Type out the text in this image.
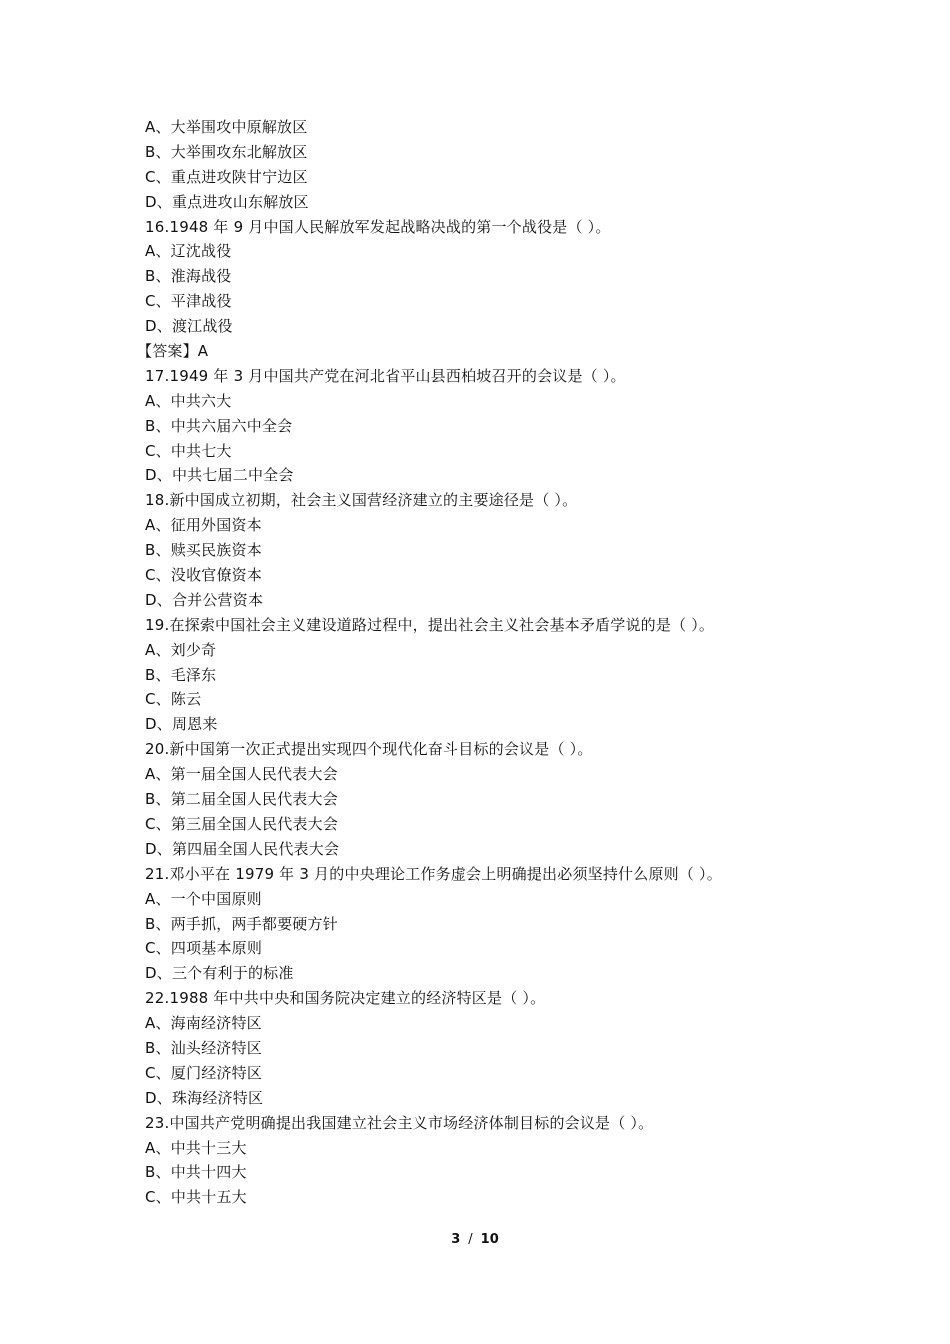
A、大举围攻中原解放区
B、大举围攻东北解放区
C、重点进攻陕甘宁边区
D、重点进攻山东解放区
16.1948 年 9 月中国人民解放军发起战略决战的第一个战役是（ ）。
A、辽沈战役
B、淮海战役
C、平津战役
D、渡江战役
【答案】A
17.1949 年 3 月中国共产党在河北省平山县西柏坡召开的会议是（ ）。
A、中共六大
B、中共六届六中全会
C、中共七大
D、中共七届二中全会
18.新中国成立初期，社会主义国营经济建立的主要途径是（ ）。
A、征用外国资本
B、赎买民族资本
C、没收官僚资本
D、合并公营资本
19.在探索中国社会主义建设道路过程中，提出社会主义社会基本矛盾学说的是（ ）。
A、刘少奇
B、毛泽东
C、陈云
D、周恩来
20.新中国第一次正式提出实现四个现代化奋斗目标的会议是（ ）。
A、第一届全国人民代表大会
B、第二届全国人民代表大会
C、第三届全国人民代表大会
D、第四届全国人民代表大会
21.邓小平在 1979 年 3 月的中央理论工作务虚会上明确提出必须坚持什么原则（ ）。
A、一个中国原则
B、两手抓，两手都要硬方针
C、四项基本原则
D、三个有利于的标准
22.1988 年中共中央和国务院决定建立的经济特区是（ ）。
A、海南经济特区
B、汕头经济特区
C、厦门经济特区
D、珠海经济特区
23.中国共产党明确提出我国建立社会主义市场经济体制目标的会议是（ ）。
A、中共十三大
B、中共十四大
C、中共十五大
3 / 10
